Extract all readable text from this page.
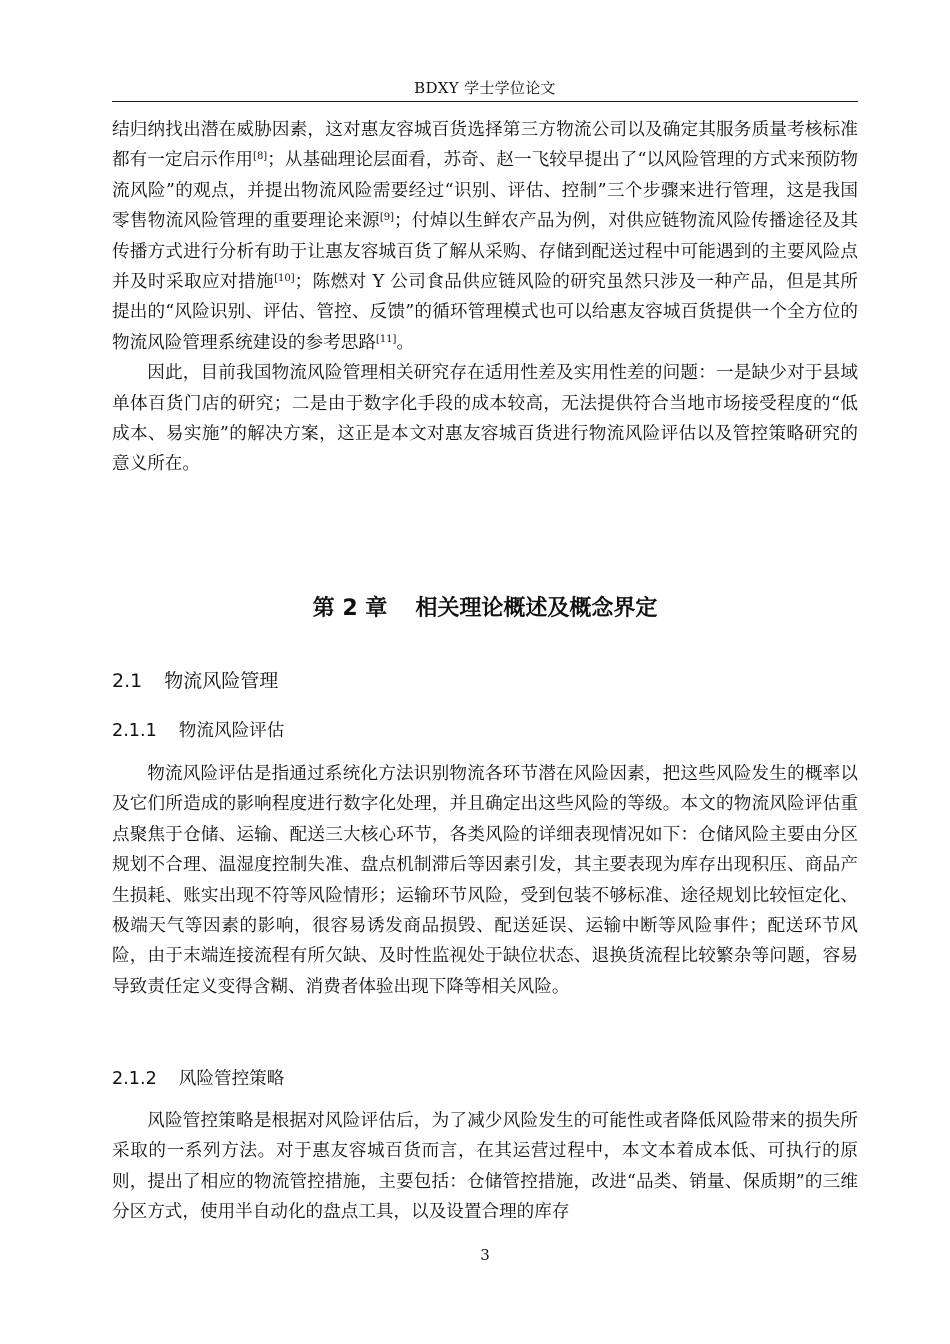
BDXY 学士学位论文

结归纳找出潜在威胁因素，这对惠友容城百货选择第三方物流公司以及确定其服务质量考核标准都有一定启示作用[8]；从基础理论层面看，苏奇、赵一飞较早提出了“以风险管理的方式来预防物流风险”的观点，并提出物流风险需要经过“识别、评估、控制”三个步骤来进行管理，这是我国零售物流风险管理的重要理论来源[9]；付焯以生鲜农产品为例，对供应链物流风险传播途径及其传播方式进行分析有助于让惠友容城百货了解从采购、存储到配送过程中可能遇到的主要风险点并及时采取应对措施[10]；陈燃对 Y 公司食品供应链风险的研究虽然只涉及一种产品，但是其所提出的“风险识别、评估、管控、反馈”的循环管理模式也可以给惠友容城百货提供一个全方位的物流风险管理系统建设的参考思路[11]。

因此，目前我国物流风险管理相关研究存在适用性差及实用性差的问题：一是缺少对于县域单体百货门店的研究；二是由于数字化手段的成本较高，无法提供符合当地市场接受程度的“低成本、易实施”的解决方案，这正是本文对惠友容城百货进行物流风险评估以及管控策略研究的意义所在。

第 2 章 相关理论概述及概念界定
2.1 物流风险管理
2.1.1 物流风险评估

物流风险评估是指通过系统化方法识别物流各环节潜在风险因素，把这些风险发生的概率以及它们所造成的影响程度进行数字化处理，并且确定出这些风险的等级。本文的物流风险评估重点聚焦于仓储、运输、配送三大核心环节，各类风险的详细表现情况如下：仓储风险主要由分区规划不合理、温湿度控制失准、盘点机制滞后等因素引发，其主要表现为库存出现积压、商品产生损耗、账实出现不符等风险情形；运输环节风险，受到包装不够标准、途径规划比较恒定化、极端天气等因素的影响，很容易诱发商品损毁、配送延误、运输中断等风险事件；配送环节风险，由于末端连接流程有所欠缺、及时性监视处于缺位状态、退换货流程比较繁杂等问题，容易导致责任定义变得含糊、消费者体验出现下降等相关风险。

2.1.2 风险管控策略

风险管控策略是根据对风险评估后，为了减少风险发生的可能性或者降低风险带来的损失所采取的一系列方法。对于惠友容城百货而言，在其运营过程中，本文本着成本低、可执行的原则，提出了相应的物流管控措施，主要包括：仓储管控措施，改进“品类、销量、保质期”的三维分区方式，使用半自动化的盘点工具，以及设置合理的库存

3
